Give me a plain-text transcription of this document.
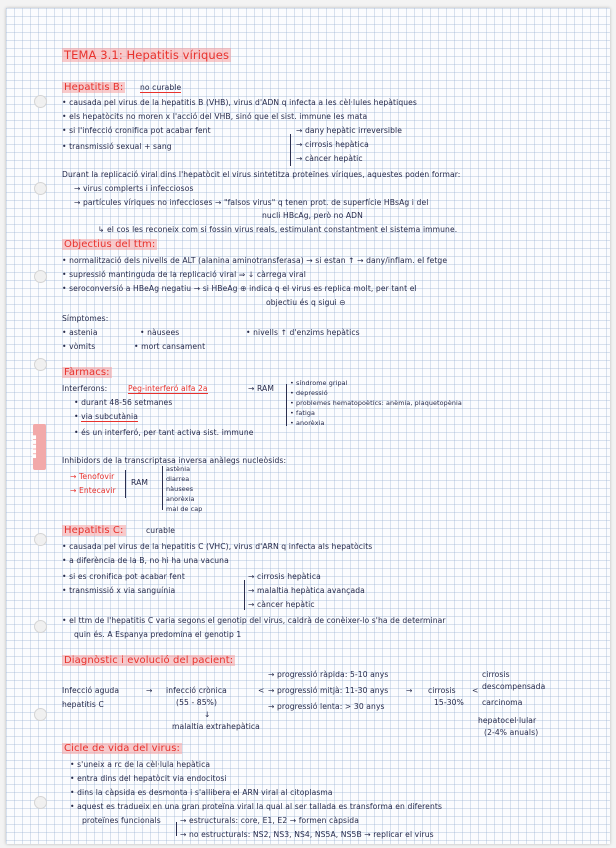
■■■■■
TEMA 3.1: Hepatitis víriques
Hepatitis B: no curable
• causada pel virus de la hepatitis B (VHB), virus d'ADN q infecta a les cèl·lules hepàtiques
• els hepatòcits no moren x l'acció del VHB, sinó que el sist. immune les mata
• si l'infecció cronifica pot acabar fent	→ dany hepàtic irreversible
→ cirrosis hepàtica
• transmissió sexual + sang
→ càncer hepàtic
Durant la replicació viral dins l'hepatòcit el virus sintetitza proteïnes víriques, aquestes poden formar:
→ virus complerts i infecciosos
→ partícules víriques no infeccioses → "falsos virus" q tenen prot. de superfície HBsAg i del
nucli HBcAg, però no ADN
↳ el cos les reconeix com si fossin virus reals, estimulant constantment el sistema immune.
Objectius del ttm:
• normalització dels nivells de ALT (alanina aminotransferasa) → si estan ↑ → dany/inflam. el fetge
• supressió mantinguda de la replicació viral ⇒ ↓ càrrega viral
• seroconversió a HBeAg negatiu → si HBeAg ⊕ indica q el virus es replica molt, per tant el
objectiu és q sigui ⊖
Símptomes:
• astenia	• nàusees	• nivells ↑ d'enzims hepàtics
• vòmits	• mort cansament
Fàrmacs:
Interferons:	Peg-interferó alfa 2a	→ RAM
• síndrome gripal
• depressió
• problemes hematopoètics: anèmia, plaquetopènia
• fatiga
• anorèxia
• durant 48-56 setmanes
• via subcutània
• és un interferó, per tant activa sist. immune
Inhibidors de la transcriptasa inversa anàlegs nucleòsids:
→ Tenofovir
→ Entecavir
RAM
astènia
diarrea
nàusees
anorèxia
mal de cap
Hepatitis C:	curable
• causada pel virus de la hepatitis C (VHC), virus d'ARN q infecta als hepatòcits
• a diferència de la B, no hi ha una vacuna
• si es cronifica pot acabar fent
• transmissió x via sanguínia
→ cirrosis hepàtica
→ malaltia hepàtica avançada
→ càncer hepàtic
• el ttm de l'hepatitis C varia segons el genotip del virus, caldrà de conèixer-lo s'ha de determinar
quin és. A Espanya predomina el genotip 1
Diagnòstic i evolució del pacient:
Infecció aguda
hepatitis C
→ infecció crònica
(55 - 85%)
↓
malaltia extrahepàtica
<
→ progressió ràpida: 5-10 anys
→ progressió mitjà: 11-30 anys
→ progressió lenta: > 30 anys
→ cirrosis
15-30%
<
cirrosis
descompensada
carcinoma
hepatocel·lular
(2-4% anuals)
Cicle de vida del virus:
• s'uneix a rc de la cèl·lula hepàtica
• entra dins del hepatòcit via endocitosi
• dins la càpsida es desmonta i s'allibera el ARN viral al citoplasma
• aquest es tradueix en una gran proteïna viral la qual al ser tallada es transforma en diferents
proteïnes funcionals	→ estructurals: core, E1, E2 → formen càpsida
→ no estructurals: NS2, NS3, NS4, NS5A, NS5B → replicar el virus
